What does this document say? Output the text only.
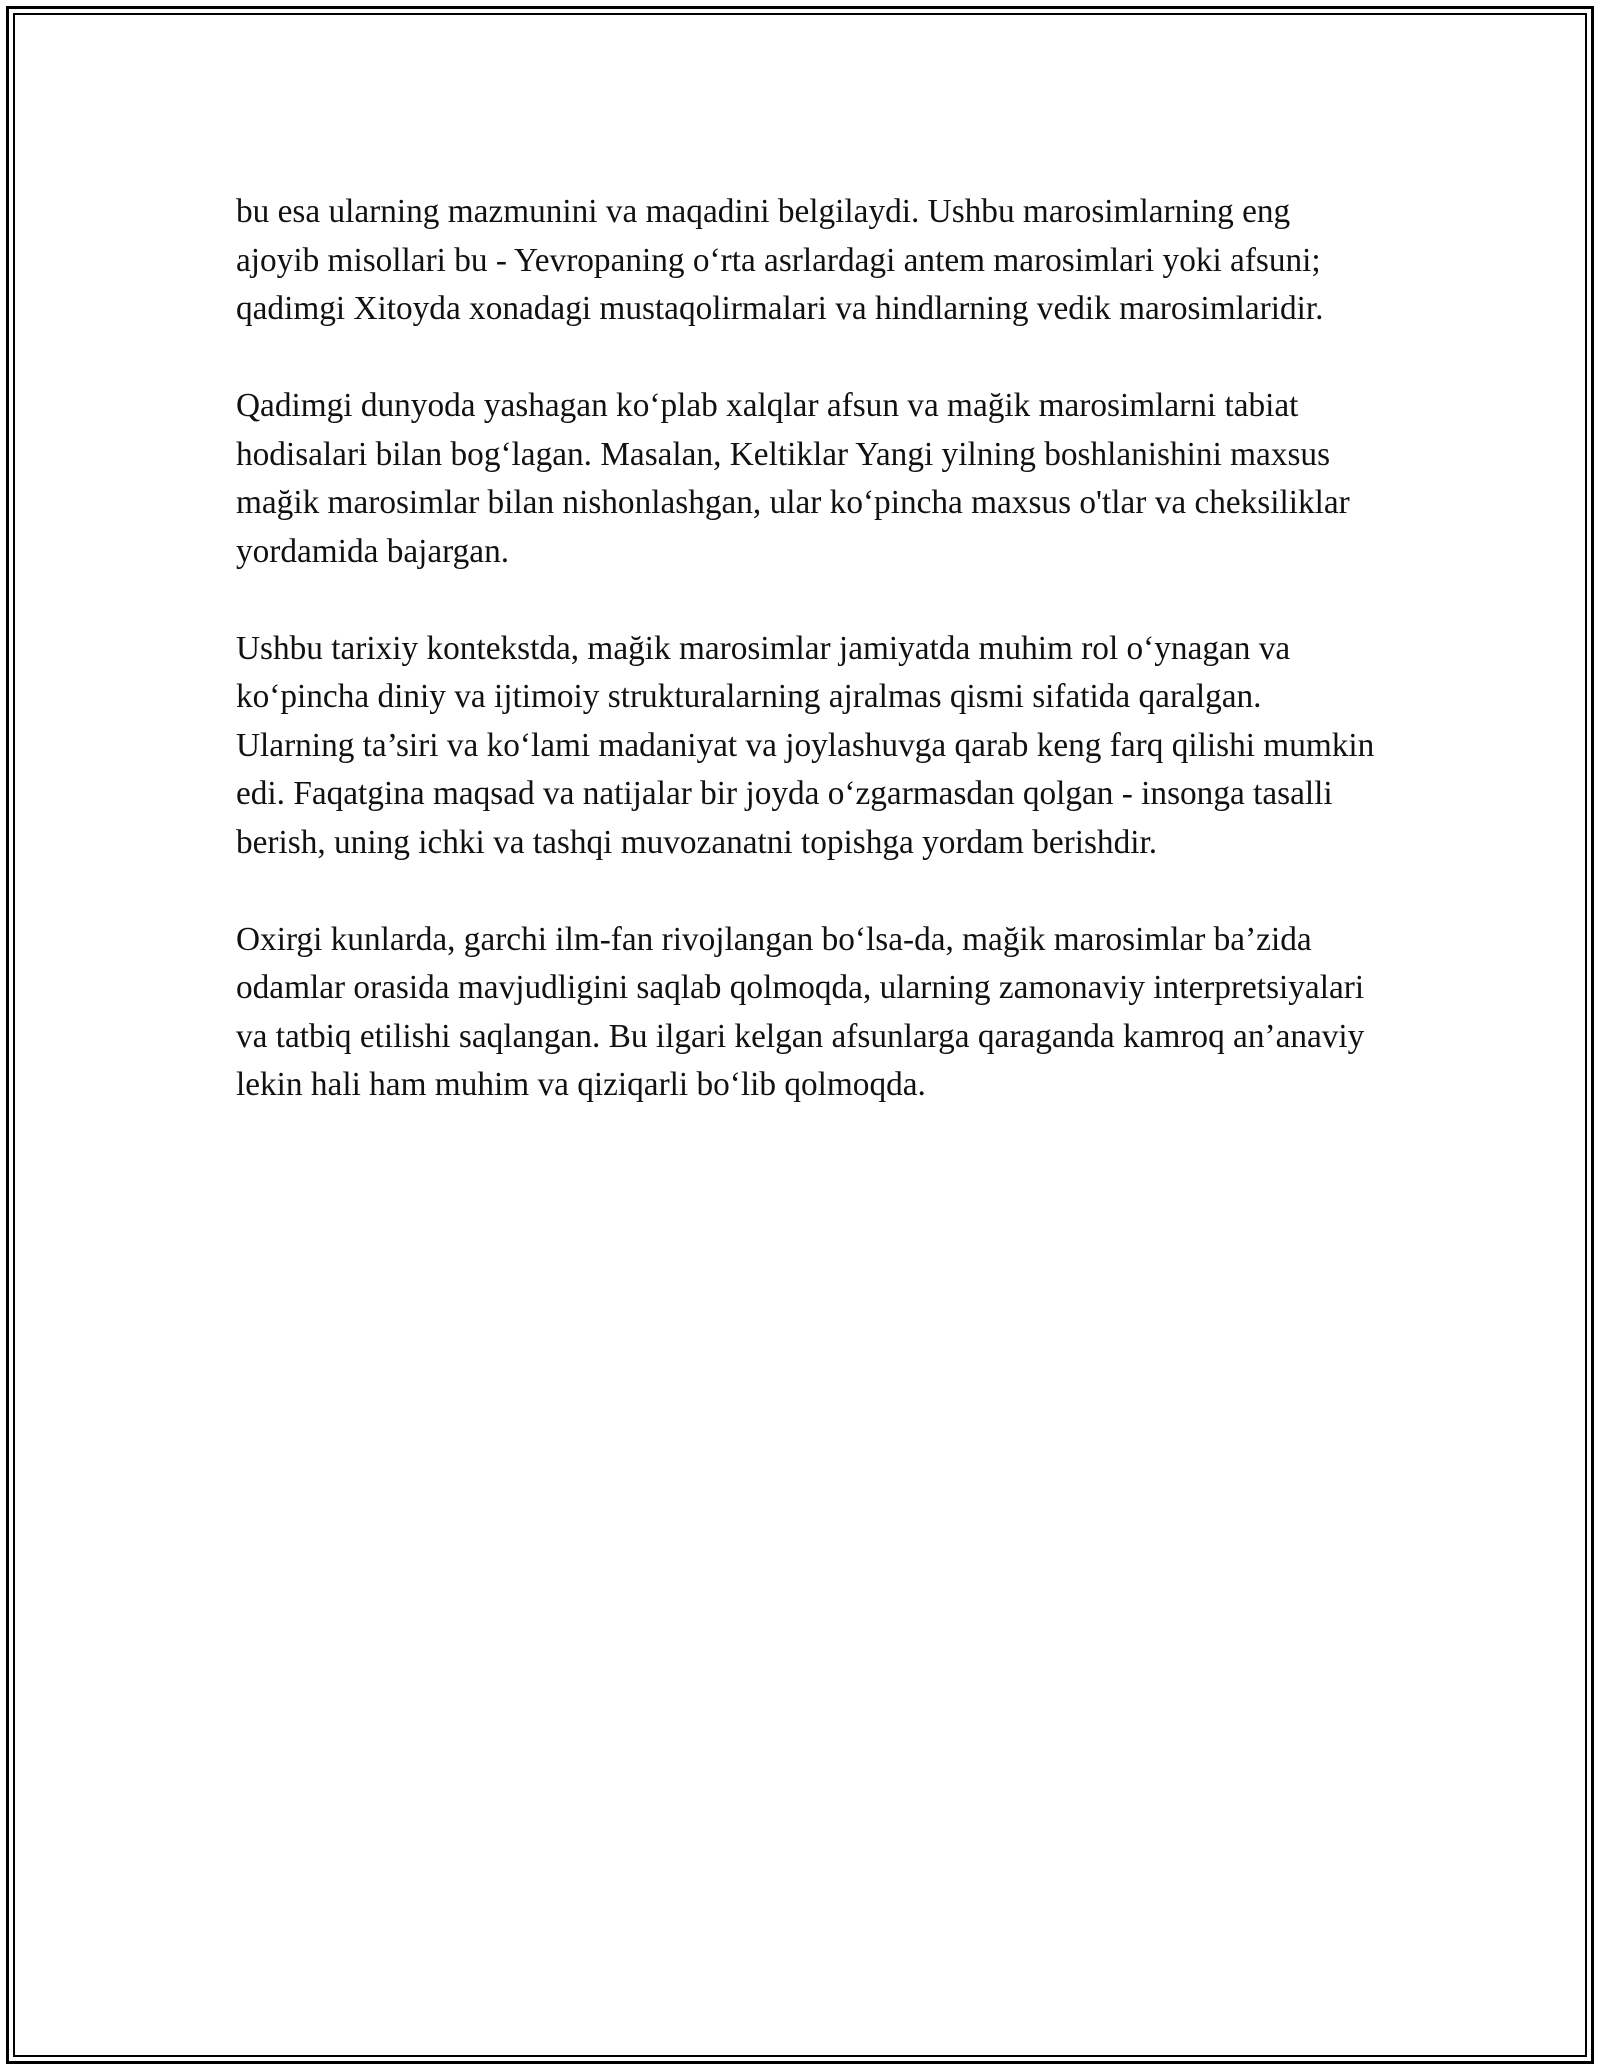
bu esa ularning mazmunini va maqadini belgilaydi. Ushbu marosimlarning eng ajoyib misollari bu - Yevropaning o‘rta asrlardagi antem marosimlari yoki afsuni; qadimgi Xitoyda xonadagi mustaqolirmalari va hindlarning vedik marosimlaridir.

Qadimgi dunyoda yashagan ko‘plab xalqlar afsun va mağik marosimlarni tabiat hodisalari bilan bog‘lagan. Masalan, Keltiklar Yangi yilning boshlanishini maxsus mağik marosimlar bilan nishonlashgan, ular ko‘pincha maxsus o'tlar va cheksiliklar yordamida bajargan.

Ushbu tarixiy kontekstda, mağik marosimlar jamiyatda muhim rol o‘ynagan va ko‘pincha diniy va ijtimoiy strukturalarning ajralmas qismi sifatida qaralgan. Ularning ta’siri va ko‘lami madaniyat va joylashuvga qarab keng farq qilishi mumkin edi. Faqatgina maqsad va natijalar bir joyda o‘zgarmasdan qolgan - insonga tasalli berish, uning ichki va tashqi muvozanatni topishga yordam berishdir.

Oxirgi kunlarda, garchi ilm-fan rivojlangan bo‘lsa-da, mağik marosimlar ba’zida odamlar orasida mavjudligini saqlab qolmoqda, ularning zamonaviy interpretsiyalari va tatbiq etilishi saqlangan. Bu ilgari kelgan afsunlarga qaraganda kamroq an’anaviy lekin hali ham muhim va qiziqarli bo‘lib qolmoqda.
